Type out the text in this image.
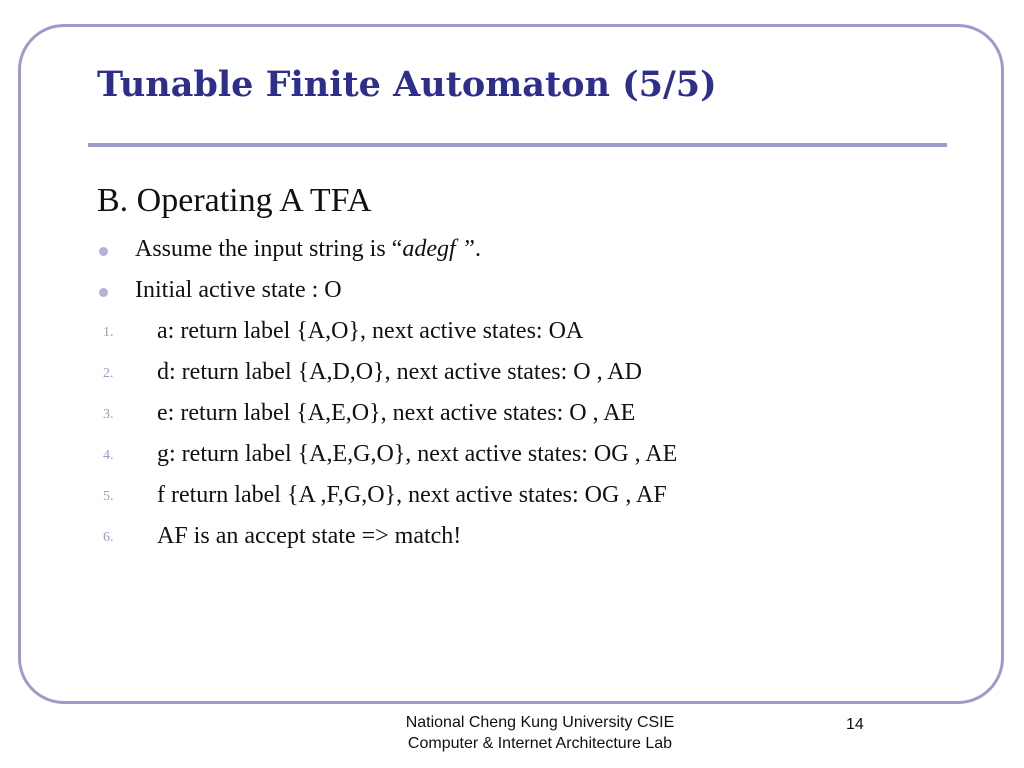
Tunable Finite Automaton (5/5)
B. Operating A TFA
Assume the input string is “adegf ”.
Initial active state : O
1. a: return label {A,O}, next active states: OA
2. d: return label {A,D,O}, next active states: O , AD
3. e: return label {A,E,O}, next active states: O , AE
4. g: return label {A,E,G,O}, next active states: OG , AE
5. f return label {A ,F,G,O}, next active states: OG , AF
6. AF is an accept state => match!
National Cheng Kung University CSIE
Computer & Internet Architecture Lab
14
